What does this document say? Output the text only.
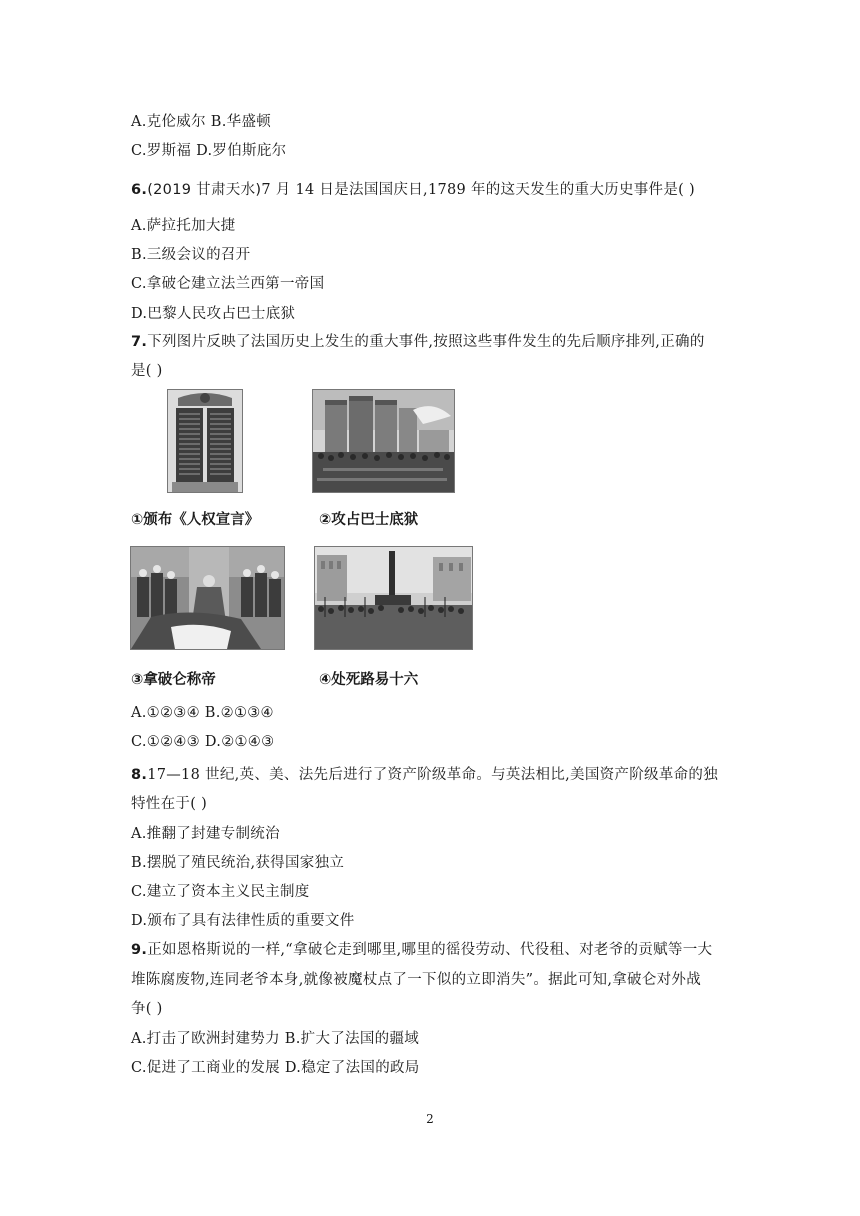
A.克伦威尔 B.华盛顿
C.罗斯福 D.罗伯斯庇尔
6.(2019 甘肃天水)7 月 14 日是法国国庆日,1789 年的这天发生的重大历史事件是( )
A.萨拉托加大捷
B.三级会议的召开
C.拿破仑建立法兰西第一帝国
D.巴黎人民攻占巴士底狱
7.下列图片反映了法国历史上发生的重大事件,按照这些事件发生的先后顺序排列,正确的
是( )
①颁布《人权宣言》	②攻占巴士底狱
③拿破仑称帝	④处死路易十六
A.①②③④ B.②①③④
C.①②④③ D.②①④③
8.17—18 世纪,英、美、法先后进行了资产阶级革命。与英法相比,美国资产阶级革命的独
特性在于( )
A.推翻了封建专制统治
B.摆脱了殖民统治,获得国家独立
C.建立了资本主义民主制度
D.颁布了具有法律性质的重要文件
9.正如恩格斯说的一样,“拿破仑走到哪里,哪里的徭役劳动、代役租、对老爷的贡赋等一大
堆陈腐废物,连同老爷本身,就像被魔杖点了一下似的立即消失”。据此可知,拿破仑对外战
争( )
A.打击了欧洲封建势力 B.扩大了法国的疆域
C.促进了工商业的发展 D.稳定了法国的政局
2
